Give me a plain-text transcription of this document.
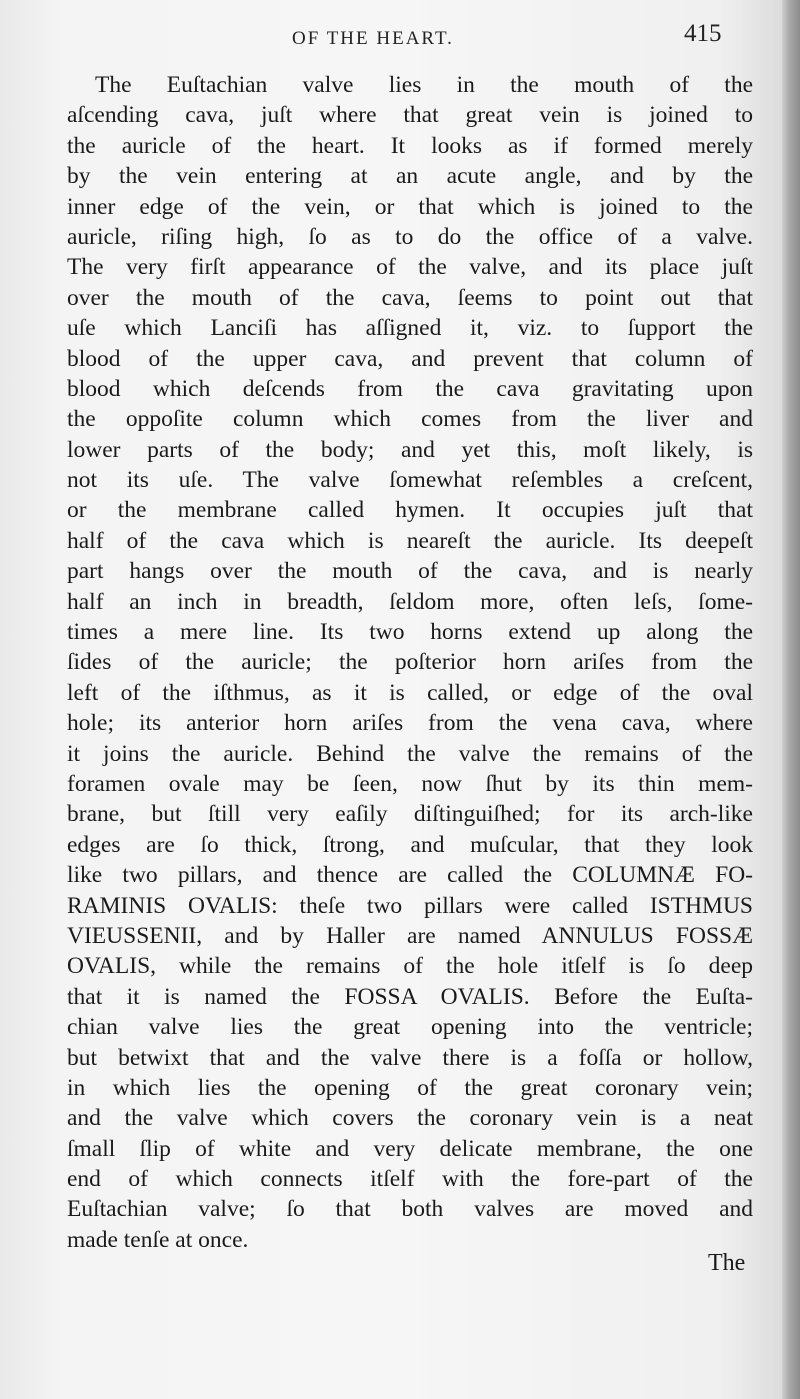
OF THE HEART.	415
The Euſtachian valve lies in the mouth of the
aſcending cava, juſt where that great vein is joined to
the auricle of the heart. It looks as if formed merely
by the vein entering at an acute angle, and by the
inner edge of the vein, or that which is joined to the
auricle, riſing high, ſo as to do the office of a valve.
The very firſt appearance of the valve, and its place juſt
over the mouth of the cava, ſeems to point out that
uſe which Lanciſi has aſſigned it, viz. to ſupport the
blood of the upper cava, and prevent that column of
blood which deſcends from the cava gravitating upon
the oppoſite column which comes from the liver and
lower parts of the body; and yet this, moſt likely, is
not its uſe. The valve ſomewhat reſembles a creſcent,
or the membrane called hymen. It occupies juſt that
half of the cava which is neareſt the auricle. Its deepeſt
part hangs over the mouth of the cava, and is nearly
half an inch in breadth, ſeldom more, often leſs, ſome-
times a mere line. Its two horns extend up along the
ſides of the auricle; the poſterior horn ariſes from the
left of the iſthmus, as it is called, or edge of the oval
hole; its anterior horn ariſes from the vena cava, where
it joins the auricle. Behind the valve the remains of the
foramen ovale may be ſeen, now ſhut by its thin mem-
brane, but ſtill very eaſily diſtinguiſhed; for its arch-like
edges are ſo thick, ſtrong, and muſcular, that they look
like two pillars, and thence are called the COLUMNÆ FO-
RAMINIS OVALIS: theſe two pillars were called ISTHMUS
VIEUSSENII, and by Haller are named ANNULUS FOSSÆ
OVALIS, while the remains of the hole itſelf is ſo deep
that it is named the FOSSA OVALIS. Before the Euſta-
chian valve lies the great opening into the ventricle;
but betwixt that and the valve there is a foſſa or hollow,
in which lies the opening of the great coronary vein;
and the valve which covers the coronary vein is a neat
ſmall ſlip of white and very delicate membrane, the one
end of which connects itſelf with the fore-part of the
Euſtachian valve; ſo that both valves are moved and
made tenſe at once.
The
